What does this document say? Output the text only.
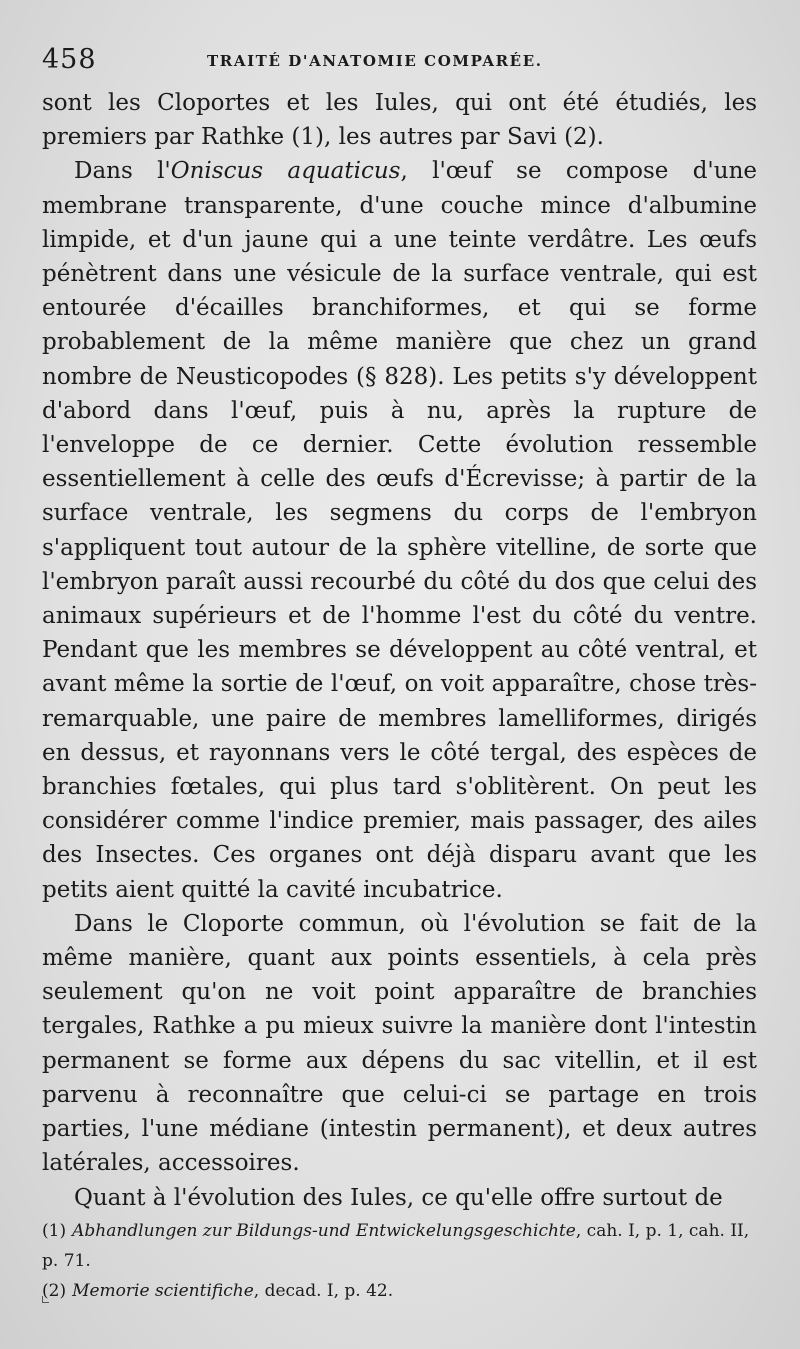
458	TRAITÉ D'ANATOMIE COMPARÉE.

sont les Cloportes et les Iules, qui ont été étudiés, les premiers par Rathke (1), les autres par Savi (2).

Dans l'Oniscus aquaticus, l'œuf se compose d'une membrane transparente, d'une couche mince d'albumine limpide, et d'un jaune qui a une teinte verdâtre. Les œufs pénètrent dans une vésicule de la surface ventrale, qui est entourée d'écailles branchiformes, et qui se forme probablement de la même manière que chez un grand nombre de Neusticopodes (§ 828). Les petits s'y développent d'abord dans l'œuf, puis à nu, après la rupture de l'enveloppe de ce dernier. Cette évolution ressemble essentiellement à celle des œufs d'Écrevisse; à partir de la surface ventrale, les segmens du corps de l'embryon s'appliquent tout autour de la sphère vitelline, de sorte que l'embryon paraît aussi recourbé du côté du dos que celui des animaux supérieurs et de l'homme l'est du côté du ventre. Pendant que les membres se développent au côté ventral, et avant même la sortie de l'œuf, on voit apparaître, chose très-remarquable, une paire de membres lamelliformes, dirigés en dessus, et rayonnans vers le côté tergal, des espèces de branchies fœtales, qui plus tard s'oblitèrent. On peut les considérer comme l'indice premier, mais passager, des ailes des Insectes. Ces organes ont déjà disparu avant que les petits aient quitté la cavité incubatrice.

Dans le Cloporte commun, où l'évolution se fait de la même manière, quant aux points essentiels, à cela près seulement qu'on ne voit point apparaître de branchies tergales, Rathke a pu mieux suivre la manière dont l'intestin permanent se forme aux dépens du sac vitellin, et il est parvenu à reconnaître que celui-ci se partage en trois parties, l'une médiane (intestin permanent), et deux autres latérales, accessoires.

Quant à l'évolution des Iules, ce qu'elle offre surtout de

(1) Abhandlungen zur Bildungs-und Entwickelungsgeschichte, cah. I, p. 1, cah. II, p. 71.

(2) Memorie scientifiche, decad. I, p. 42.
